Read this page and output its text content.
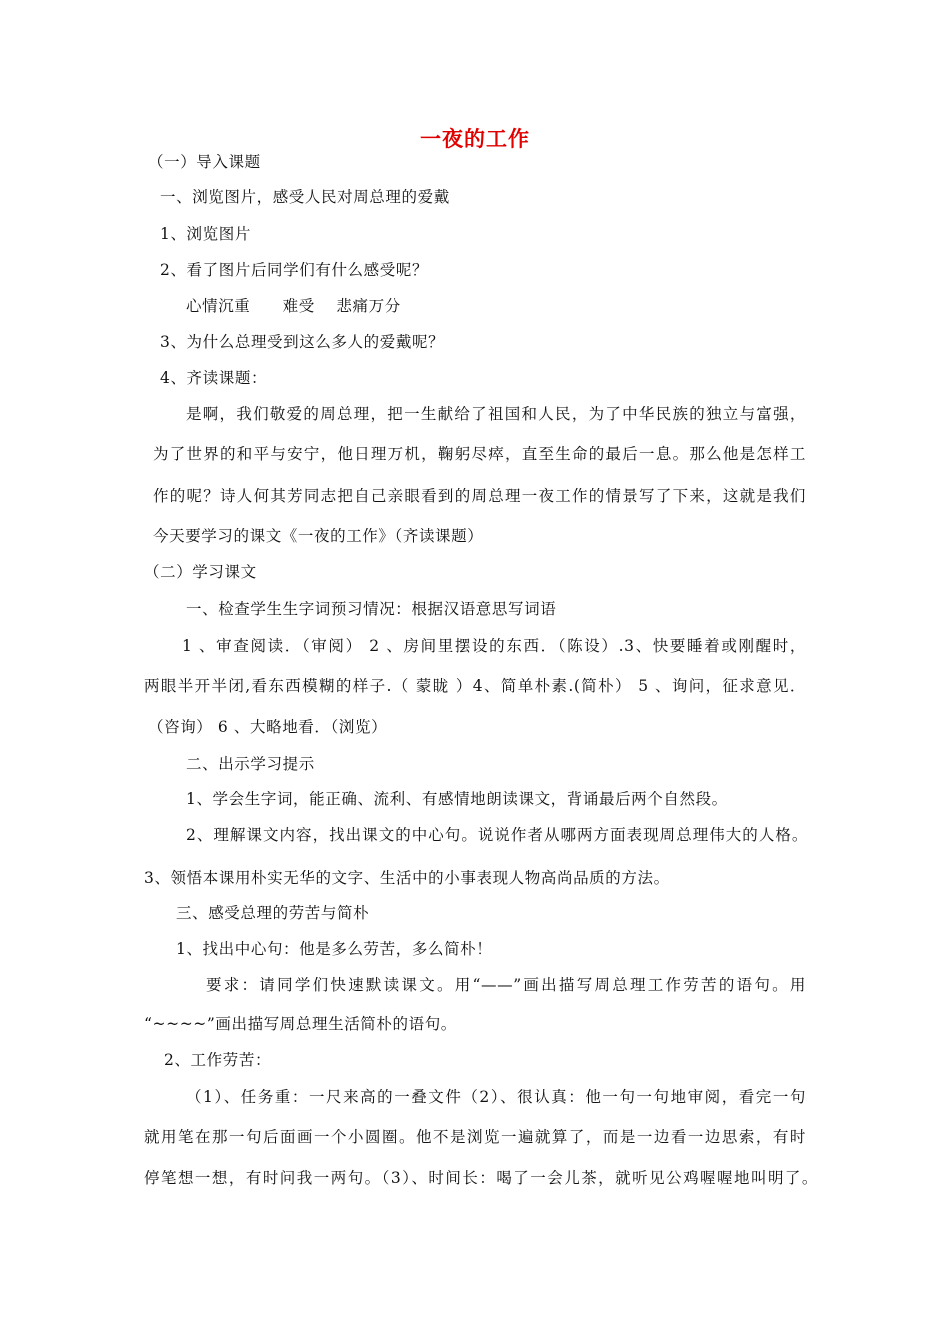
一夜的工作
（一）导入课题
一、浏览图片，感受人民对周总理的爱戴
1、浏览图片
2、看了图片后同学们有什么感受呢？
心情沉重　　难受　 悲痛万分
3、为什么总理受到这么多人的爱戴呢？
4、齐读课题：
是啊，我们敬爱的周总理，把一生献给了祖国和人民，为了中华民族的独立与富强，
为了世界的和平与安宁，他日理万机，鞠躬尽瘁，直至生命的最后一息。那么他是怎样工
作的呢？诗人何其芳同志把自己亲眼看到的周总理一夜工作的情景写了下来，这就是我们
今天要学习的课文《一夜的工作》（齐读课题）
（二）学习课文
一、检查学生生字词预习情况：根据汉语意思写词语
1 、审查阅读．（审阅） 2 、房间里摆设的东西．（陈设）.3、快要睡着或刚醒时，
两眼半开半闭,看东西模糊的样子.（ 蒙眬 ）4、简单朴素.(简朴） 5 、询问，征求意见．
（咨询） 6 、大略地看．（浏览）
二、出示学习提示
1、学会生字词，能正确、流利、有感情地朗读课文，背诵最后两个自然段。
2、理解课文内容，找出课文的中心句。说说作者从哪两方面表现周总理伟大的人格。
3、领悟本课用朴实无华的文字、生活中的小事表现人物高尚品质的方法。
三、感受总理的劳苦与简朴
1、找出中心句：他是多么劳苦，多么简朴！
要求：请同学们快速默读课文。用“——”画出描写周总理工作劳苦的语句。用
“~~~~”画出描写周总理生活简朴的语句。
2、工作劳苦：
（1）、任务重：一尺来高的一叠文件（2）、很认真：他一句一句地审阅，看完一句
就用笔在那一句后面画一个小圆圈。他不是浏览一遍就算了，而是一边看一边思索，有时
停笔想一想，有时问我一两句。（3）、时间长：喝了一会儿茶，就听见公鸡喔喔地叫明了。
